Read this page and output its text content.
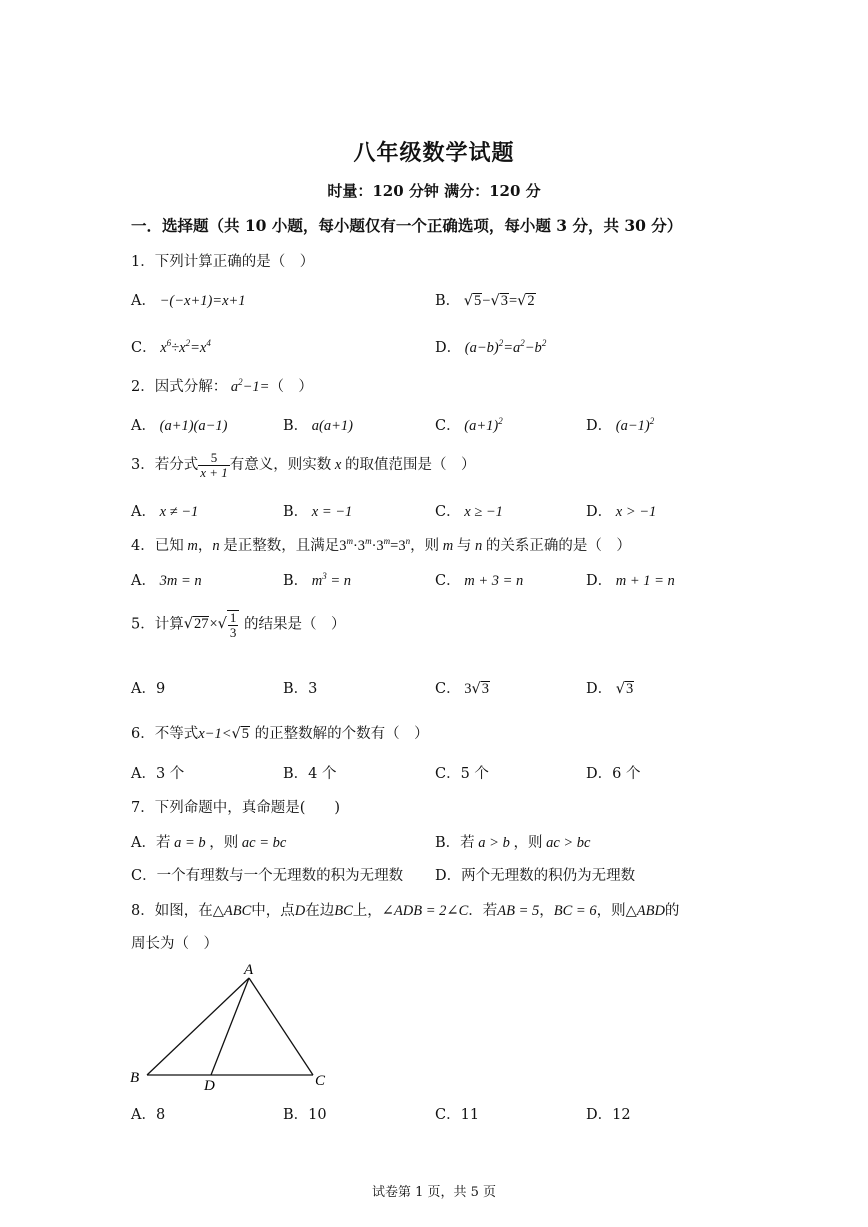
八年级数学试题
时量：120 分钟 满分：120 分
一．选择题（共 10 小题，每小题仅有一个正确选项，每小题 3 分，共 30 分）
1．下列计算正确的是（　）
A． −(−x+1)=x+1	B． √5−√3=√2
C． $x^6\div x^2=x^4$	D． $(a-b)^2=a^2-b^2$
2．因式分解： $a^2-1=$（　）
A． (a+1)(a−1)	B． a(a+1)	C． $(a+1)^2$	D． $(a-1)^2$
3．若分式 $\frac{5}{x + 1}$ 有意义，则实数 x 的取值范围是（　）
A． x ≠ −1	B． x = −1	C． x ≥ −1	D． x > −1
4．已知 m，n 是正整数，且满足$3^m\cdot 3^m\cdot 3^m=3^n$，则 m 与 n 的关系正确的是（　）
A． 3m = n	B． $m^3 = n$	C． m + 3 = n	D． m + 1 = n
5．计算$√27\times√ \frac{1}{3}$ 的结果是（　）
A．9	B．3	C． 3√3	D． √3
6．不等式x−1<√5 的正整数解的个数有（　）
A．3 个	B．4 个	C．5 个	D．6 个
7．下列命题中，真命题是(　　)
A．若 a = b ，则 ac = bc	B．若 a > b ，则 ac > bc
C．一个有理数与一个无理数的积为无理数 D．两个无理数的积仍为无理数
8．如图，在△ABC中，点D在边BC上，∠ADB = 2∠C．若AB = 5，BC = 6，则△ABD的
周长为（　）
A
B	D	C
A．8	B．10	C．11	D．12
试卷第 1 页，共 5 页
